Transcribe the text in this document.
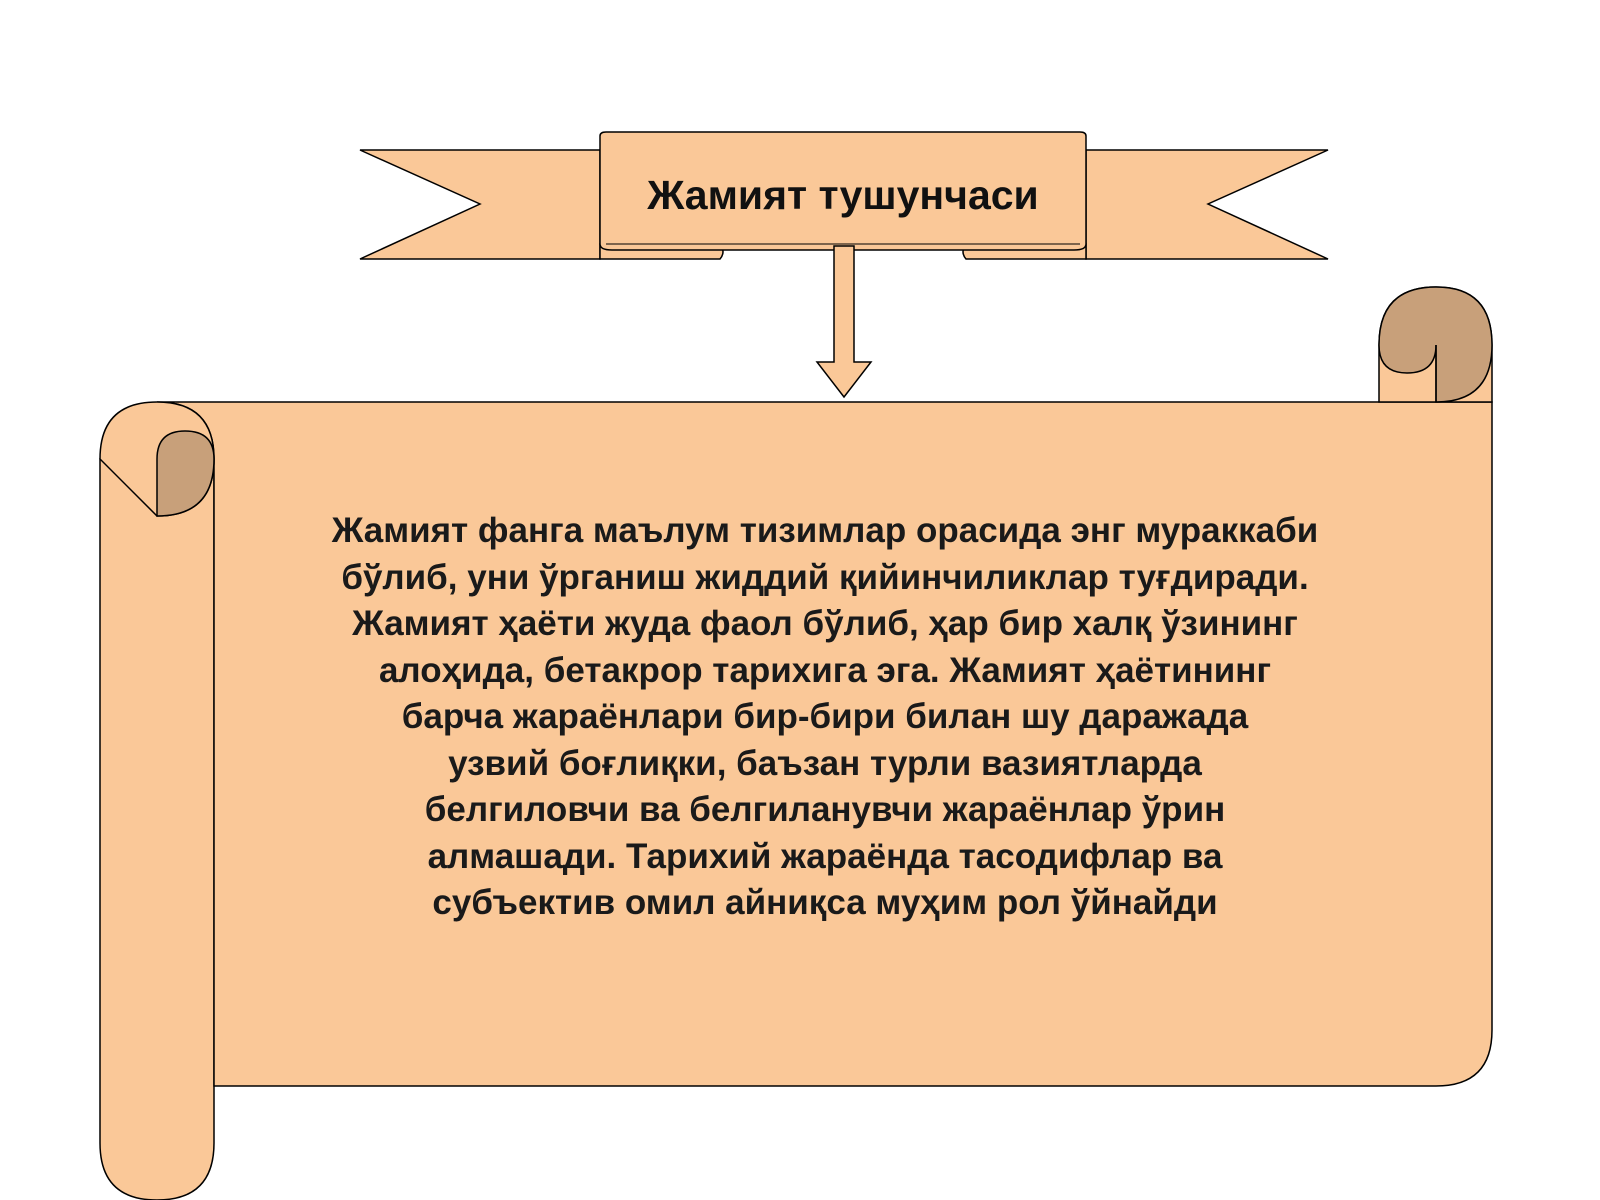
Жамият тушунчаси
Жамият фанга маълум тизимлар орасида энг мураккаби
бўлиб, уни ўрганиш жиддий қийинчиликлар туғдиради.
Жамият ҳаёти жуда фаол бўлиб, ҳар бир халқ ўзининг
алоҳида, бетакрор тарихига эга. Жамият ҳаётининг
барча жараёнлари бир-бири билан шу даражада
узвий боғлиқки, баъзан турли вазиятларда
белгиловчи ва белгиланувчи жараёнлар ўрин
алмашади. Тарихий жараёнда тасодифлар ва
субъектив омил айниқса муҳим рол ўйнайди
